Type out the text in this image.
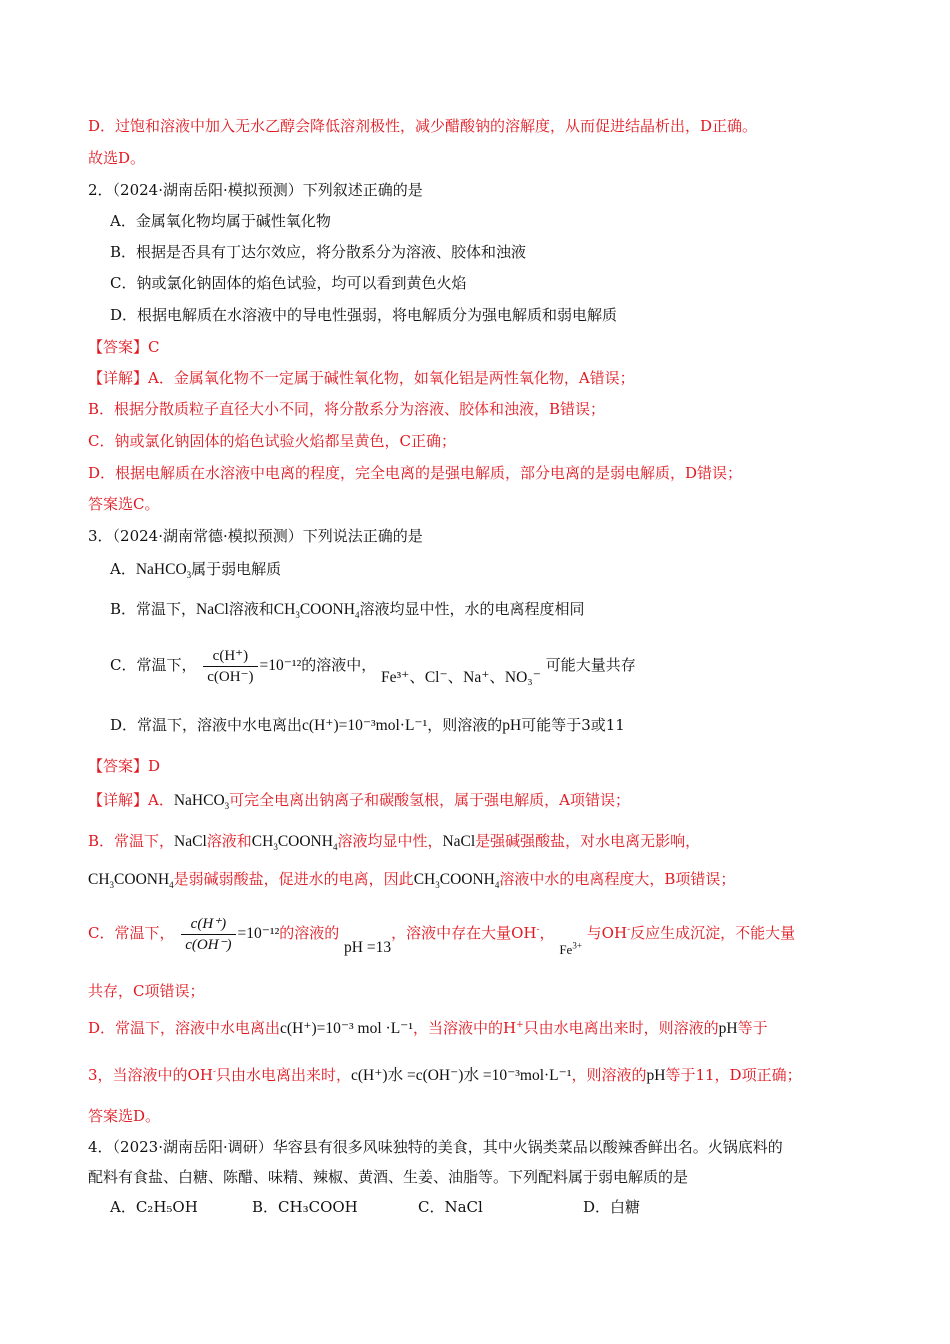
D．过饱和溶液中加入无水乙醇会降低溶剂极性，减少醋酸钠的溶解度，从而促进结晶析出，D正确。
故选D。
2．（2024·湖南岳阳·模拟预测）下列叙述正确的是
A．金属氧化物均属于碱性氧化物
B．根据是否具有丁达尔效应，将分散系分为溶液、胶体和浊液
C．钠或氯化钠固体的焰色试验，均可以看到黄色火焰
D．根据电解质在水溶液中的导电性强弱，将电解质分为强电解质和弱电解质
【答案】C
【详解】A．金属氧化物不一定属于碱性氧化物，如氧化铝是两性氧化物，A错误；
B．根据分散质粒子直径大小不同，将分散系分为溶液、胶体和浊液，B错误；
C．钠或氯化钠固体的焰色试验火焰都呈黄色，C正确；
D．根据电解质在水溶液中电离的程度，完全电离的是强电解质，部分电离的是弱电解质，D错误；
答案选C。
3．（2024·湖南常德·模拟预测）下列说法正确的是
A．NaHCO$_3$属于弱电解质
B．常温下，NaCl溶液和$CH_3COONH_4$溶液均显中性，水的电离程度相同
C．常温下， $\frac{c(H^+)}{c(OH^-)} =10^{-12}$的溶液中， Fe³⁺、Cl⁻、Na⁺、NO₃⁻ 可能大量共存
D．常温下，溶液中水电离出c(H⁺)=10⁻³mol·L⁻¹，则溶液的pH可能等于3或11
【答案】D
【详解】A．NaHCO$_3$可完全电离出钠离子和碳酸氢根，属于强电解质，A项错误；
B．常温下，NaCl溶液和$CH_3COONH_4$溶液均显中性，NaCl是强碱强酸盐，对水电离无影响，
$CH_3COONH_4$是弱碱弱酸盐，促进水的电离，因此$CH_3COONH_4$溶液中水的电离程度大，B项错误；
C．常温下， $\frac{c(H^+)}{c(OH^-)} =10^{-12}$的溶液的 pH =13，溶液中存在大量OH-， $Fe^{3+}$ 与OH-反应生成沉淀，不能大量
共存，C项错误；
D．常温下，溶液中水电离出c(H⁺)=10⁻³ mol ·L⁻¹，当溶液中的H+只由水电离出来时，则溶液的pH等于
3，当溶液中的OH-只由水电离出来时，c(H⁺)水 =c(OH⁻)水 =10⁻³mol·L⁻¹，则溶液的pH等于11，D项正确；
答案选D。
4．（2023·湖南岳阳·调研）华容县有很多风味独特的美食，其中火锅类菜品以酸辣香鲜出名。火锅底料的
配料有食盐、白糖、陈醋、味精、辣椒、黄酒、生姜、油脂等。下列配料属于弱电解质的是
A．C₂H₅OH	B．CH₃COOH	C．NaCl	D．白糖
